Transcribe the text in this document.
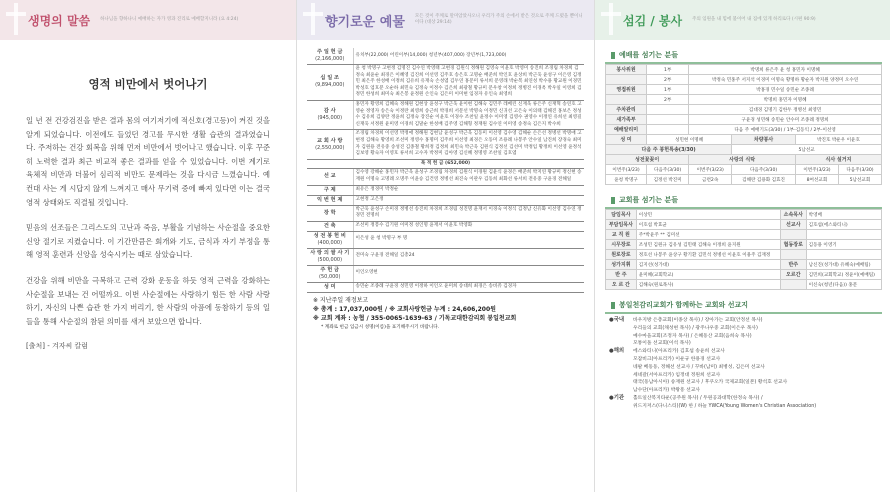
생명의 말씀 하나님을 향하나니 예배하는 자가 영과 진리로 예배할지니라 (요 4:24)
영적 비만에서 벗어나기

일 년 전 건강검진을 받은 결과 몸의 여기저기에 적신호(경고등)이 켜진 것을 알게 되었습니다. 이전에도 들었던 경고를 무시한 생활 습관의 결과였습니다. 주저하는 건강 회복을 위해 먼저 비만에서 벗어나고 했습니다. 이후 꾸준히 노력한 결과 최근 비교적 좋은 결과를 얻을 수 있었습니다. 이번 계기로 육체적 비만과 더불어 심리적 비만도 문제라는 것을 다시금 느꼈습니다. 예컨대 사는 게 시답지 않게 느껴지고 매사 무기력 증에 빠져 있다면 이는 결국 영적 상태와도 직결될 것입니다.

믿음의 선조들은 그리스도의 고난과 죽음, 부활을 기념하는 사순절을 중요한 신앙 절기로 지켰습니다. 이 기간만큼은 회개와 기도, 금식과 자기 부정을 통해 영적 훈련과 신앙을 성숙시키는 때로 삼았습니다.

건강을 위해 비만을 극복하고 근력 강화 운동을 하듯 영적 근력을 강화하는 사순절을 보내는 건 어떨까요. 이번 사순절에는 사랑하기 힘든 한 사람 사랑하기, 자신의 나쁜 습관 한 가지 버리기, 한 사람의 아픔에 동참하기 등의 일들을 통해 사순절의 참된 의미를 새겨 보았으면 합니다.

[출처] - 겨자씨 칼럼

향기로운 예물 모든 것이 주께로 말미암았사오니 우리가 주의 손에서 받은 것으로 주께 드렸을 뿐이니이다 (대상 29:14)
주 일 헌 금
(2,166,000)	유치부(22,000) 어린이부(14,000) 청년부(407,000) 장년부(1,723,000)
십 일 조
(9,894,000)	윤 청 박명구 고현정 김명진 김수연 박영태 고현경 김원식 정해원 김영숙 이윤호 박영미 송진희 조경림 차경희 김정숙 최윤순 최경은 이혜영 김진희 이선영 김주호 송은호 고명순 배준희 박인호 윤상희 박근욱 윤성구 이은영 김정민 최은주 한성배 이정희 김유희 유재숙 손성엽 김두연 홍문미 류서희 문영래 박순복 최연성 박수용 황교원 이경민 박성호 엄호분 오순하 최민숙 김정숙 이정수 김은희 최광철 황규미 문우창 이정희 정병진 이경옥 박우일 이영희 김정민 한성희 최미숙 최은봉 윤정원 손인숙 김은미 이미현 임경자 유인숙 최영희
감 사
(945,000)	홍민자 황영희 김혜숙 정해원 김현상 윤성구 박근욱 윤이현 김해숙 김민주 레베린 신재욱 류은주 신재혁 송연호 고영순 정영자 송은숙 이정란 최영희 송근희 박경희 서문선 박명숙 이정민 신귀선 고은숙 이의태 김해진 홍보은 정성수 김유희 김양란 정윤희 김정숙 장진순 이윤호 이경수 조찬일 윤정수 이미영 김영수 권영수 이정연 유희선 최영길 신재욱 서정원 윤미영 이경희 김말순 한성배 김주영 김해형 정재원 김수연 이미영 송정숙 김은지 박수희
교 회 사 랑
(2,550,000)	조경림 차경희 이선영 박정애 정해원 김현남 윤성구 박근욱 김동미 이선영 김수영 김해순 손은선 정병선 박명애 고현정 김해숙 황영희 조선미 정영수 홍명미 김주희 이선영 최경은 오동미 조용례 나봉주 안수일 남진희 장경숙 최미자 김원용 전유중 송성진 김종철 황희정 김정희 최민숙 박근욱 김원식 김정선 김선미 박정임 황정희 이선영 윤정석 김보영 황숙자 이영호 류서희 고수자 박정미 김아영 김신혜 정명영 조찬일 김호엽
목 적 헌 금 (652,000)
선 교	김수영 강해순 홍민자 박근욱 윤성구 조경림 차경희 김원식 이경원 김윤식 윤경은 배준희 박지연 황규미 정신현 송재원 이명숙 고명례 오명주 이윤승 김건영 정병선 최진숙 이관우 김동희 최화선 류서희 전유중 구윤경 전해일
구 제	최유은 정경미 박정순
익 번 헌 제	고현정 고은정
장 학	박근욱 윤성구 손미경 정병선 송진희 차경희 조경림 성진명 윤재서 이경숙 이정식 김정남 신유화 이선영 김수연 정경민 전명희
건 축	조선미 정봉수 김기원 이미정 성인명 윤재서 이윤호 박영화
성 전 봉 헌 비
(400,000)	이은성 윤 청 박명구 부 명
사 랑 의 쌀 사 기
(500,000)	전미숙 구윤경 전해일 김총24
주 헌 금
(50,000)	이인오영현
성 미	송민순 조종례 구윤경 성민영 이정하 이인오 윤미희 송대희 최경은 송비쥬 김경자
※ 지난주일 재정보고
※ 총계 : 17,037,000원 / ※ 교회사랑헌금 누계 : 24,606,200원
※ 교회 계좌 : 농협 / 355-0065-1639-63 / 기독교대한감리회 봉일천교회
* 계좌로 헌금 입금시 성명(이름)을 표기해주시기 바랍니다.
섬김 / 봉사 주의 임원을 내 힘에 불이어 내 집에 있게 하리로다 (시편 90:9)
예배를 섬기는 분들
봉사위원	1부	박명희 류은주 윤 청 홍민자 이명혜			
	2부	박정숙 민홍주 서지석 이경미 이명숙 황명하 황순자 박지원 양정미 오수연			
영접위원	1부	박홍경 민수일 송민순 조종례			
	2부	박명희 홍민자 이명혜			
주차관리		김대경 김명기 김한두 정병선 최영민			
새가족부		구윤경 성민해 송민순 안수미 조종례 정명희			
예배알리미		다음 주 예배기도(3/30) / 1부-김동익 / 2부-이선영			
성 미	성민현 이명혜		차량봉사	박진호 박운우 이윤호	
다음 주 봉헌특송(3/30)			5남선교		
성전꽃꽂이		사랑의 식탁		식사 설거지	
이번주(3/23)	다음주(3/30)	이번주(3/23)	다음주(3/30)	이번주(3/23)	다음주(3/30)
윤청 박명구	김정선 박진미	금련2속	김해란 김용화 김효진	8여선교회	5남선교회
교회를 섬기는 분들
담임목사	이상민	소속목사	박영배
부담임목사	이호섭 박효균	선교사	김호섭(에스와티니)
교 직 원	주*박윤주 ** 김미선		
시무장로	조성민 김원규 김유성 김민태 김해숙 이정희 윤지원	협동장로	김동용 이영기
원로장로	정호선 나봉주 윤상구 황기환 김민석 정병선 이윤호 이용주 김재정		
성가지휘	김지선(성가대)	반주	남신진(성가대) 유혜숙(예배팀)
반 주	윤미혜(교회학교)	오르간	김민희(교회학교) 정윤이(예배팀)
오 르 간	김해숙(원로목사)		이신숙(청년(다음)) 홍문
봉일천감리교회가 함께하는 교회와 선교지
●국내	바우지방 은총교회(이종상 목사) / 장아가는 교회(안정선 목사)
우리들의 교회(채성현 목사) / 광주나우중 교회(이은우 목사)
예수마을교회(조정자 목사) / 은혜동산 교회(음희숙 목사)
모퉁이돌 선교회(이석 목사)
●해외	에스와티니(아프리카) 김호섭 송윤희 선교사
모잠비크(아프리카) 이운규 한용경 선교사
네팔 베동동, 정해선 선교사 / 꾸바(남미) 최병성, 김은미 선교사
세네갈(서아프리카) 임정대 정원희 선교사
태국(동남아시아) 송재원 선교사 / 후쿠오카 국제교회(일본) 황석호 선교사
남수단(아프리카) 박왕흥 선교사
●기관	홀트일산복지타운(공주원 목사) / 두원공과대학(한정숙 목사) /
위드지저스(다니스티)(W) 한 / 하늘 YWCA(Young Women's Christian Association)
